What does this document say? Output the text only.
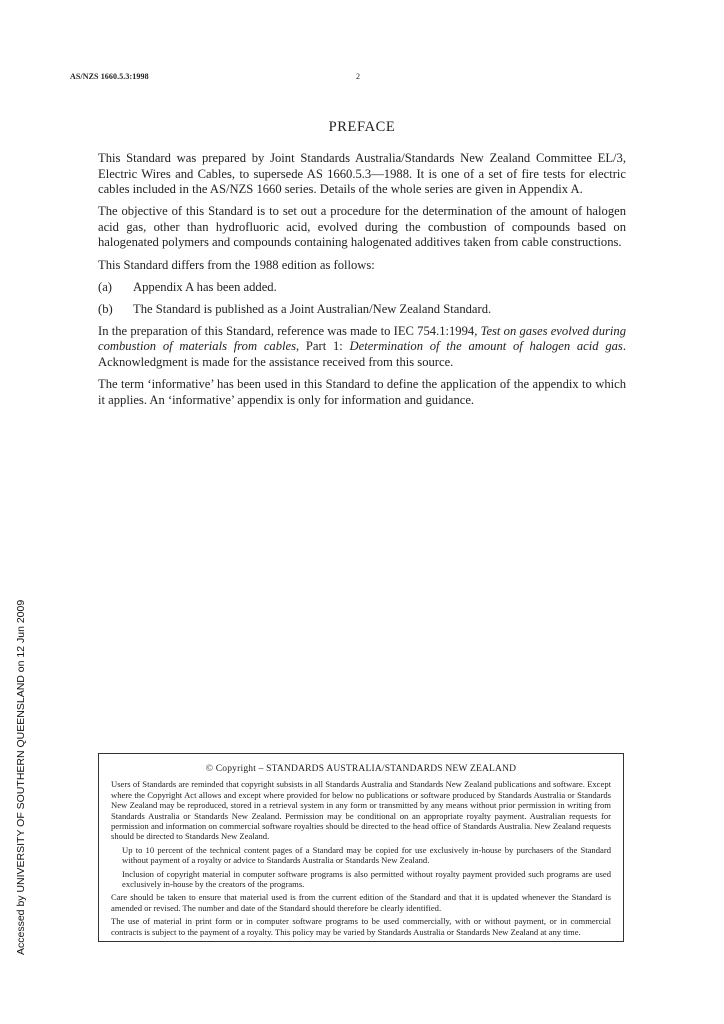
AS/NZS 1660.5.3:1998	2
PREFACE

This Standard was prepared by Joint Standards Australia/Standards New Zealand Committee EL/3, Electric Wires and Cables, to supersede AS 1660.5.3—1988. It is one of a set of fire tests for electric cables included in the AS/NZS 1660 series. Details of the whole series are given in Appendix A.

The objective of this Standard is to set out a procedure for the determination of the amount of halogen acid gas, other than hydrofluoric acid, evolved during the combustion of compounds based on halogenated polymers and compounds containing halogenated additives taken from cable constructions.

This Standard differs from the 1988 edition as follows:

(a)	Appendix A has been added.
(b)	The Standard is published as a Joint Australian/New Zealand Standard.

In the preparation of this Standard, reference was made to IEC 754.1:1994, Test on gases evolved during combustion of materials from cables, Part 1: Determination of the amount of halogen acid gas. Acknowledgment is made for the assistance received from this source.

The term ‘informative’ has been used in this Standard to define the application of the appendix to which it applies. An ‘informative’ appendix is only for information and guidance.

© Copyright – STANDARDS AUSTRALIA/STANDARDS NEW ZEALAND

Users of Standards are reminded that copyright subsists in all Standards Australia and Standards New Zealand publications and software. Except where the Copyright Act allows and except where provided for below no publications or software produced by Standards Australia or Standards New Zealand may be reproduced, stored in a retrieval system in any form or transmitted by any means without prior permission in writing from Standards Australia or Standards New Zealand. Permission may be conditional on an appropriate royalty payment. Australian requests for permission and information on commercial software royalties should be directed to the head office of Standards Australia. New Zealand requests should be directed to Standards New Zealand.

Up to 10 percent of the technical content pages of a Standard may be copied for use exclusively in-house by purchasers of the Standard without payment of a royalty or advice to Standards Australia or Standards New Zealand.

Inclusion of copyright material in computer software programs is also permitted without royalty payment provided such programs are used exclusively in-house by the creators of the programs.

Care should be taken to ensure that material used is from the current edition of the Standard and that it is updated whenever the Standard is amended or revised. The number and date of the Standard should therefore be clearly identified.

The use of material in print form or in computer software programs to be used commercially, with or without payment, or in commercial contracts is subject to the payment of a royalty. This policy may be varied by Standards Australia or Standards New Zealand at any time.

Accessed by UNIVERSITY OF SOUTHERN QUEENSLAND on 12 Jun 2009
